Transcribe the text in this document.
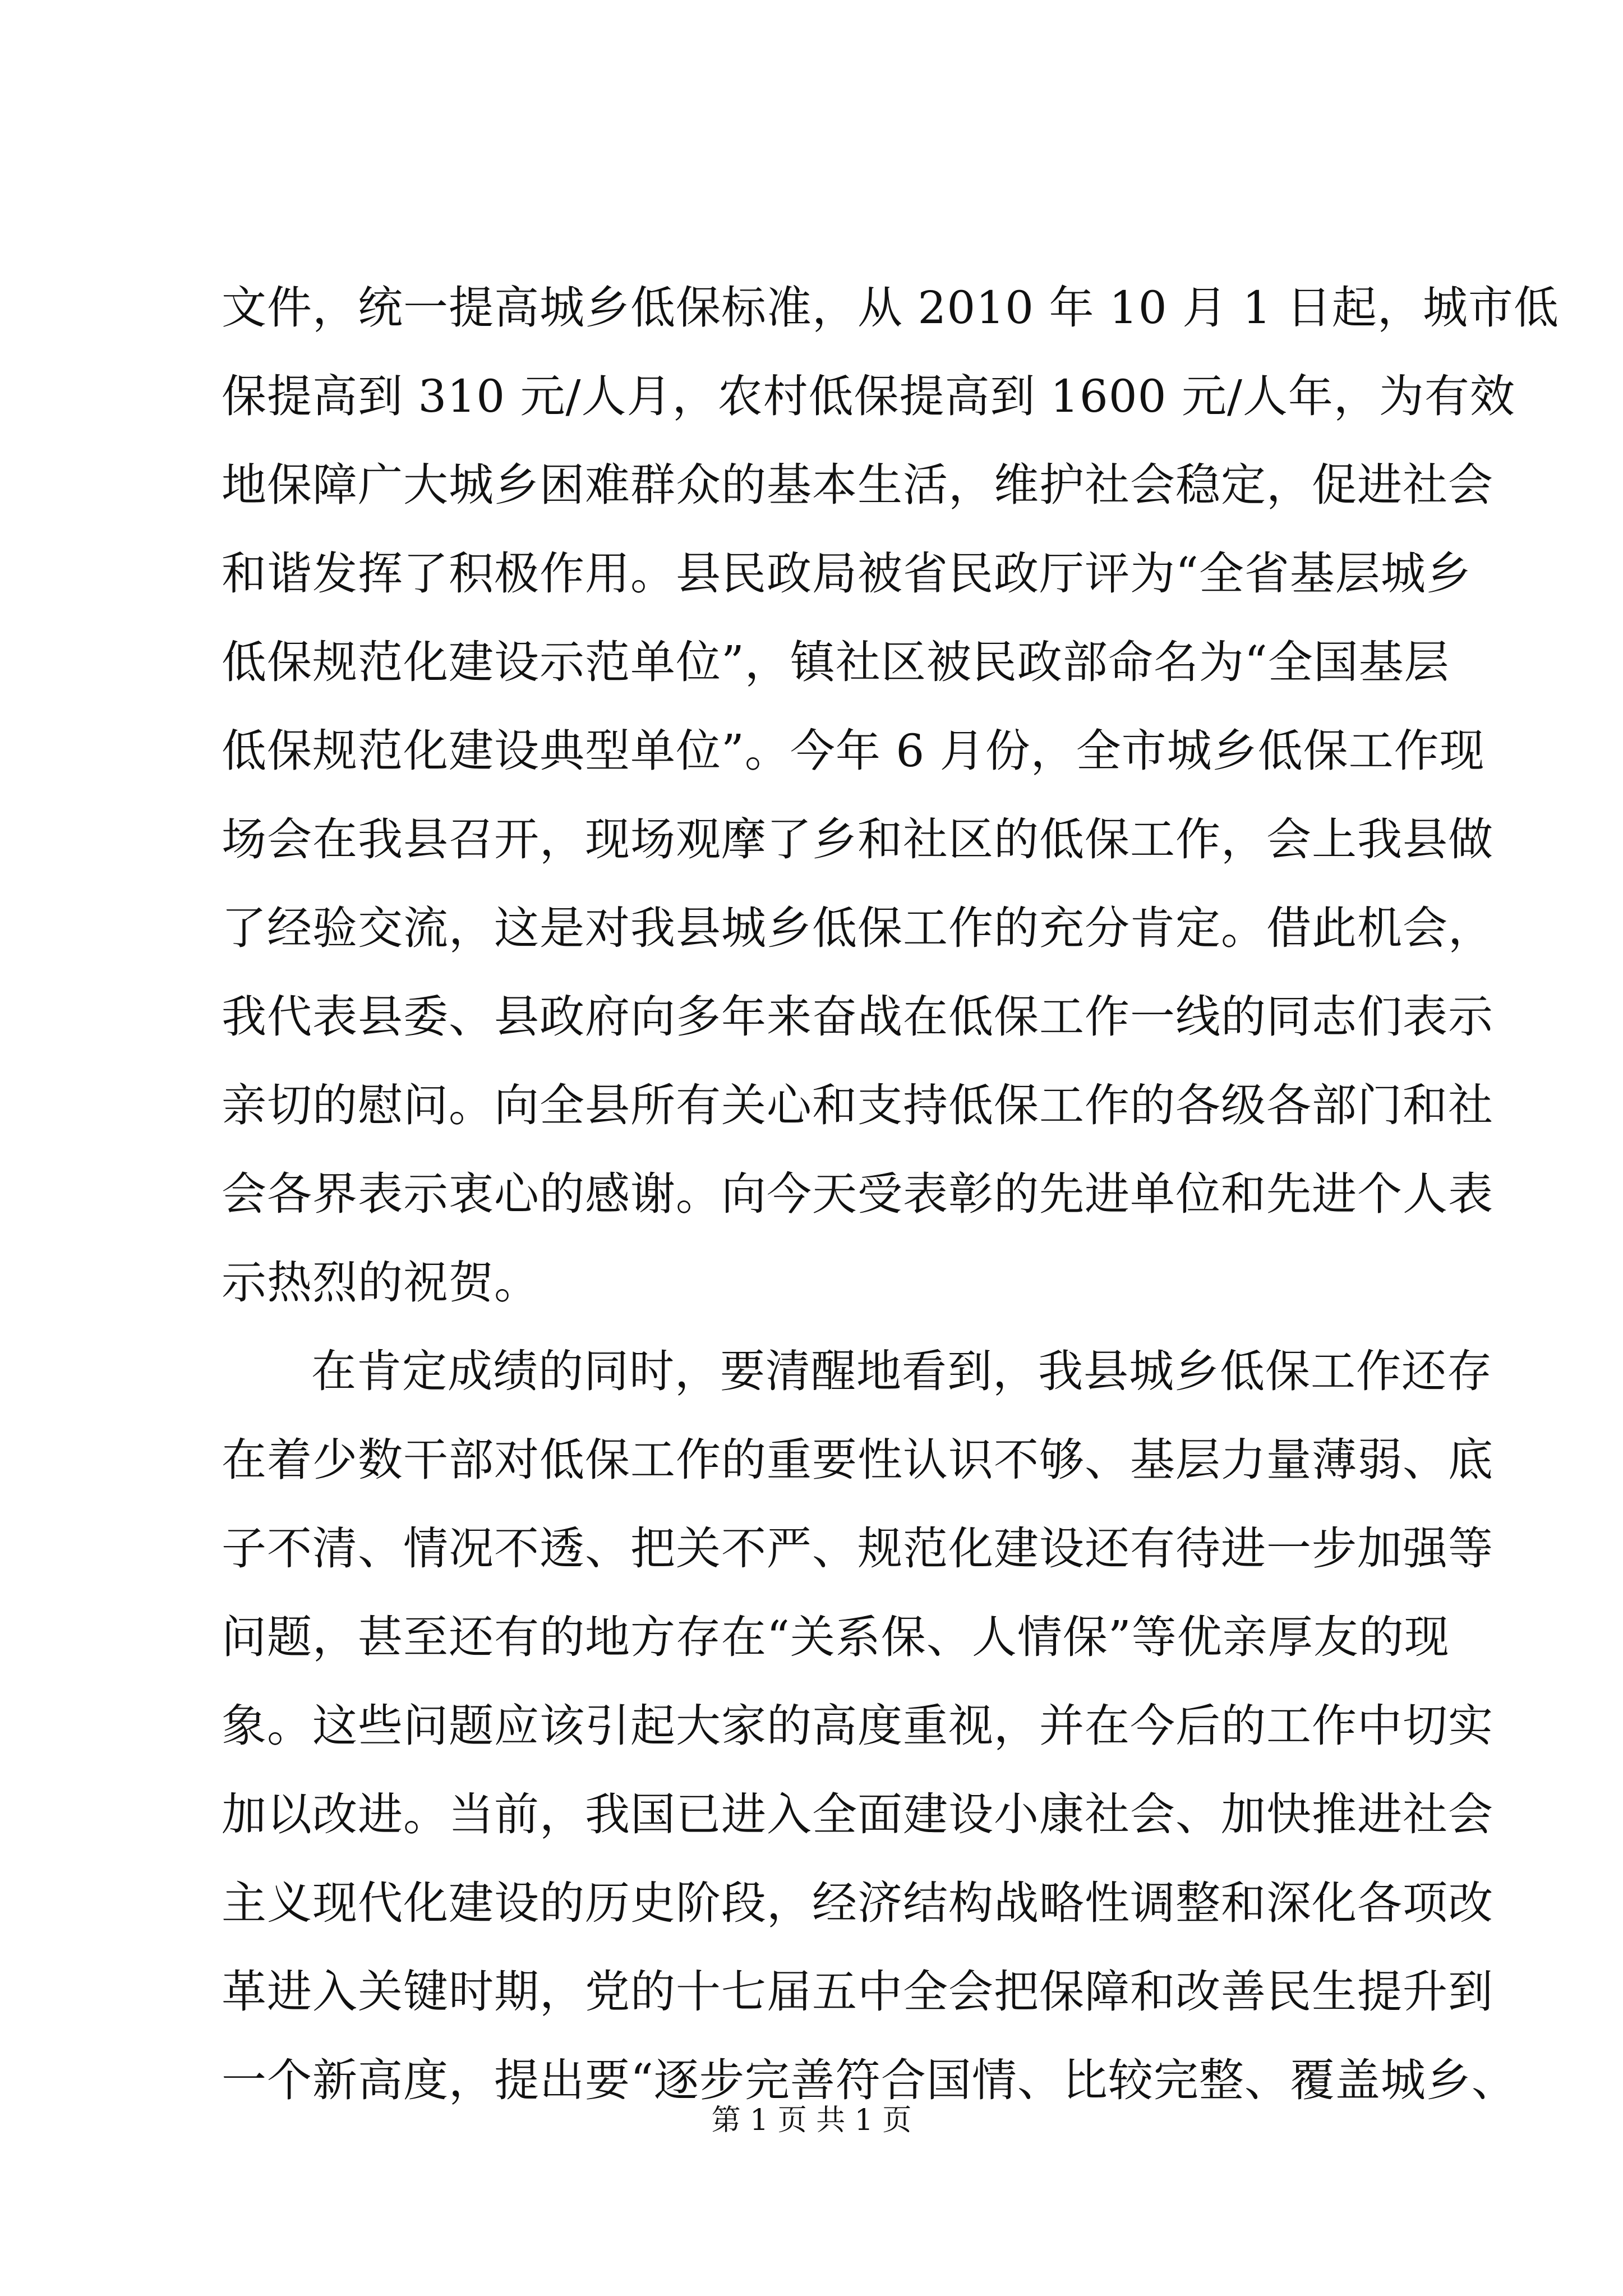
文件，统一提高城乡低保标准，从 2010 年 10 月 1 日起，城市低
保提高到 310 元/人月，农村低保提高到 1600 元/人年，为有效
地保障广大城乡困难群众的基本生活，维护社会稳定，促进社会
和谐发挥了积极作用。县民政局被省民政厅评为“全省基层城乡
低保规范化建设示范单位”，镇社区被民政部命名为“全国基层
低保规范化建设典型单位”。今年 6 月份，全市城乡低保工作现
场会在我县召开，现场观摩了乡和社区的低保工作，会上我县做
了经验交流，这是对我县城乡低保工作的充分肯定。借此机会，
我代表县委、县政府向多年来奋战在低保工作一线的同志们表示
亲切的慰问。向全县所有关心和支持低保工作的各级各部门和社
会各界表示衷心的感谢。向今天受表彰的先进单位和先进个人表
示热烈的祝贺。
在肯定成绩的同时，要清醒地看到，我县城乡低保工作还存
在着少数干部对低保工作的重要性认识不够、基层力量薄弱、底
子不清、情况不透、把关不严、规范化建设还有待进一步加强等
问题，甚至还有的地方存在“关系保、人情保”等优亲厚友的现
象。这些问题应该引起大家的高度重视，并在今后的工作中切实
加以改进。当前，我国已进入全面建设小康社会、加快推进社会
主义现代化建设的历史阶段，经济结构战略性调整和深化各项改
革进入关键时期，党的十七届五中全会把保障和改善民生提升到
一个新高度，提出要“逐步完善符合国情、比较完整、覆盖城乡、
第 1 页 共 1 页
